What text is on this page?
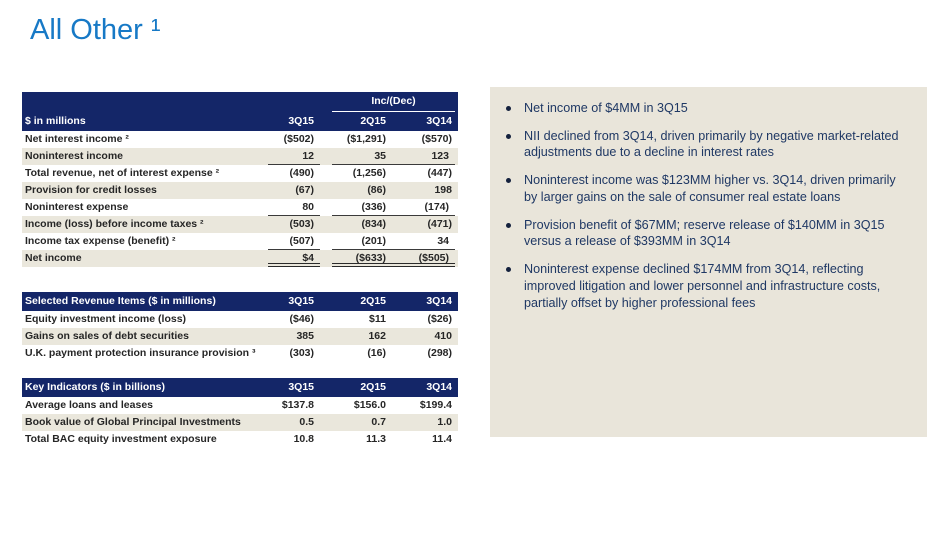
All Other ¹
Inc/(Dec)
$ in millions	3Q15	2Q15	3Q14
Net interest income ²	($502)	($1,291)	($570)
Noninterest income	12	35	123
Total revenue, net of interest expense ²	(490)	(1,256)	(447)
Provision for credit losses	(67)	(86)	198
Noninterest expense	80	(336)	(174)
Income (loss) before income taxes ²	(503)	(834)	(471)
Income tax expense (benefit) ²	(507)	(201)	34
Net income	$4	($633)	($505)
Selected Revenue Items ($ in millions)	3Q15	2Q15	3Q14
Equity investment income (loss)	($46)	$11	($26)
Gains on sales of debt securities	385	162	410
U.K. payment protection insurance provision ³	(303)	(16)	(298)
Key Indicators ($ in billions)	3Q15	2Q15	3Q14
Average loans and leases	$137.8	$156.0	$199.4
Book value of Global Principal Investments	0.5	0.7	1.0
Total BAC equity investment exposure	10.8	11.3	11.4
Net income of $4MM in 3Q15
NII declined from 3Q14, driven primarily by negative market-related adjustments due to a decline in interest rates
Noninterest income was $123MM higher vs. 3Q14, driven primarily by larger gains on the sale of consumer real estate loans
Provision benefit of $67MM; reserve release of $140MM in 3Q15 versus a release of $393MM in 3Q14
Noninterest expense declined $174MM from 3Q14, reflecting improved litigation and lower personnel and infrastructure costs, partially offset by higher professional fees
